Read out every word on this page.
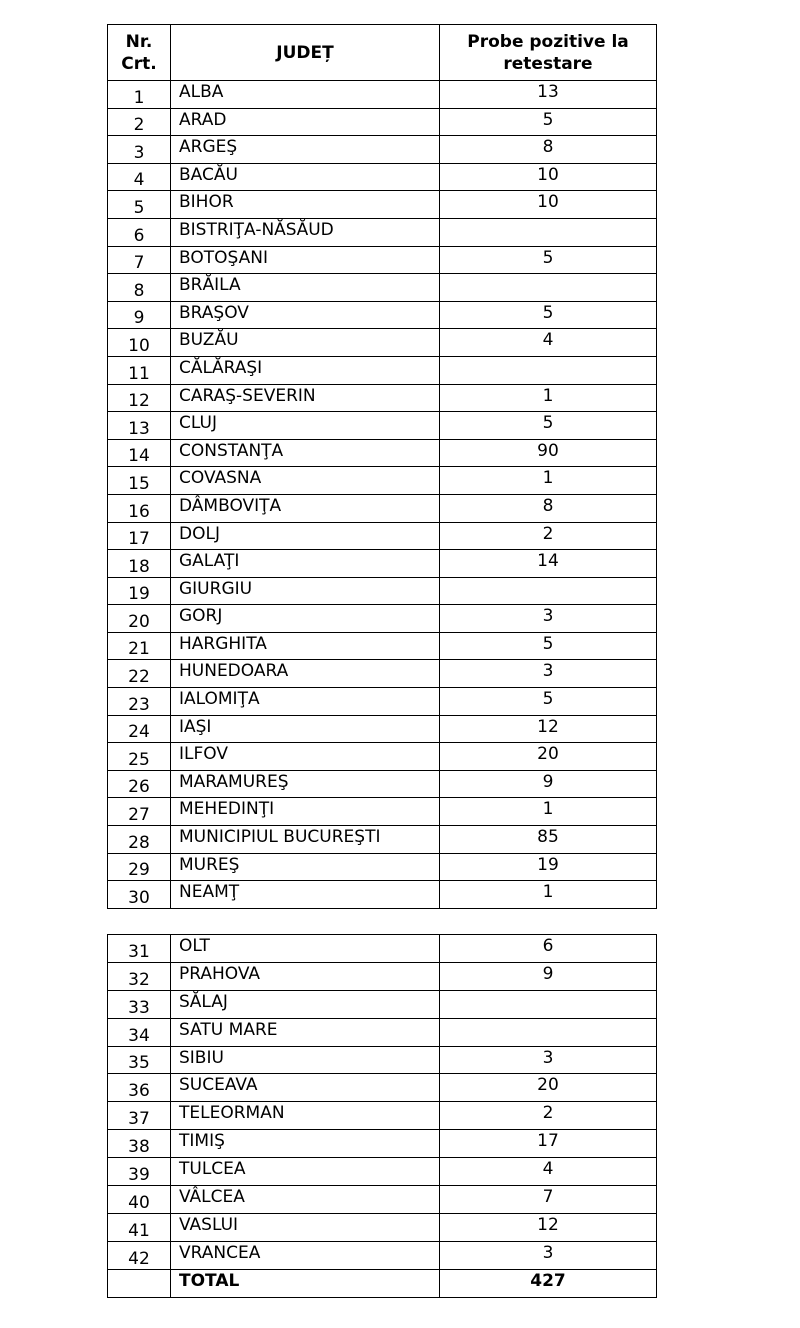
Nr.
Crt.	JUDEȚ	Probe pozitive la
retestare
1	ALBA	13
2	ARAD	5
3	ARGEŞ	8
4	BACĂU	10
5	BIHOR	10
6	BISTRIŢA-NĂSĂUD	
7	BOTOŞANI	5
8	BRĂILA	
9	BRAŞOV	5
10	BUZĂU	4
11	CĂLĂRAŞI	
12	CARAŞ-SEVERIN	1
13	CLUJ	5
14	CONSTANŢA	90
15	COVASNA	1
16	DÂMBOVIŢA	8
17	DOLJ	2
18	GALAŢI	14
19	GIURGIU	
20	GORJ	3
21	HARGHITA	5
22	HUNEDOARA	3
23	IALOMIŢA	5
24	IAŞI	12
25	ILFOV	20
26	MARAMUREŞ	9
27	MEHEDINŢI	1
28	MUNICIPIUL BUCUREŞTI	85
29	MUREŞ	19
30	NEAMŢ	1
31	OLT	6
32	PRAHOVA	9
33	SĂLAJ	
34	SATU MARE	
35	SIBIU	3
36	SUCEAVA	20
37	TELEORMAN	2
38	TIMIŞ	17
39	TULCEA	4
40	VÂLCEA	7
41	VASLUI	12
42	VRANCEA	3
	TOTAL	427
